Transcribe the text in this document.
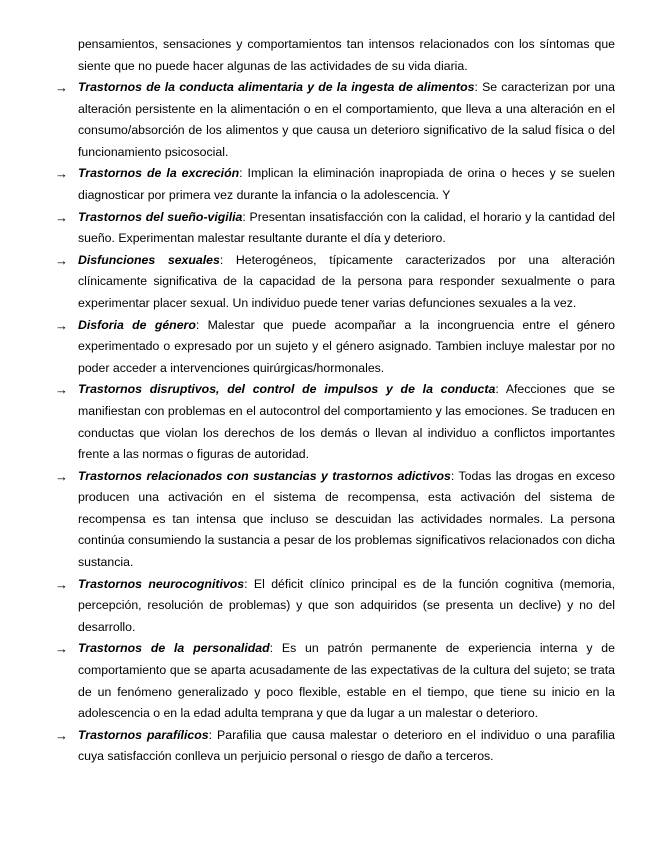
pensamientos, sensaciones y comportamientos tan intensos relacionados con los síntomas que siente que no puede hacer algunas de las actividades de su vida diaria.

→ Trastornos de la conducta alimentaria y de la ingesta de alimentos: Se caracterizan por una alteración persistente en la alimentación o en el comportamiento, que lleva a una alteración en el consumo/absorción de los alimentos y que causa un deterioro significativo de la salud física o del funcionamiento psicosocial.
→ Trastornos de la excreción: Implican la eliminación inapropiada de orina o heces y se suelen diagnosticar por primera vez durante la infancia o la adolescencia. Y
→ Trastornos del sueño-vigilia: Presentan insatisfacción con la calidad, el horario y la cantidad del sueño. Experimentan malestar resultante durante el día y deterioro.
→ Disfunciones sexuales: Heterogéneos, típicamente caracterizados por una alteración clínicamente significativa de la capacidad de la persona para responder sexualmente o para experimentar placer sexual. Un individuo puede tener varias defunciones sexuales a la vez.
→ Disforia de género: Malestar que puede acompañar a la incongruencia entre el género experimentado o expresado por un sujeto y el género asignado. Tambien incluye malestar por no poder acceder a intervenciones quirúrgicas/hormonales.
→ Trastornos disruptivos, del control de impulsos y de la conducta: Afecciones que se manifiestan con problemas en el autocontrol del comportamiento y las emociones. Se traducen en conductas que violan los derechos de los demás o llevan al individuo a conflictos importantes frente a las normas o figuras de autoridad.
→ Trastornos relacionados con sustancias y trastornos adictivos: Todas las drogas en exceso producen una activación en el sistema de recompensa, esta activación del sistema de recompensa es tan intensa que incluso se descuidan las actividades normales. La persona continúa consumiendo la sustancia a pesar de los problemas significativos relacionados con dicha sustancia.
→ Trastornos neurocognitivos: El déficit clínico principal es de la función cognitiva (memoria, percepción, resolución de problemas) y que son adquiridos (se presenta un declive) y no del desarrollo.
→ Trastornos de la personalidad: Es un patrón permanente de experiencia interna y de comportamiento que se aparta acusadamente de las expectativas de la cultura del sujeto; se trata de un fenómeno generalizado y poco flexible, estable en el tiempo, que tiene su inicio en la adolescencia o en la edad adulta temprana y que da lugar a un malestar o deterioro.
→ Trastornos parafílicos: Parafilia que causa malestar o deterioro en el individuo o una parafilia cuya satisfacción conlleva un perjuicio personal o riesgo de daño a terceros.
